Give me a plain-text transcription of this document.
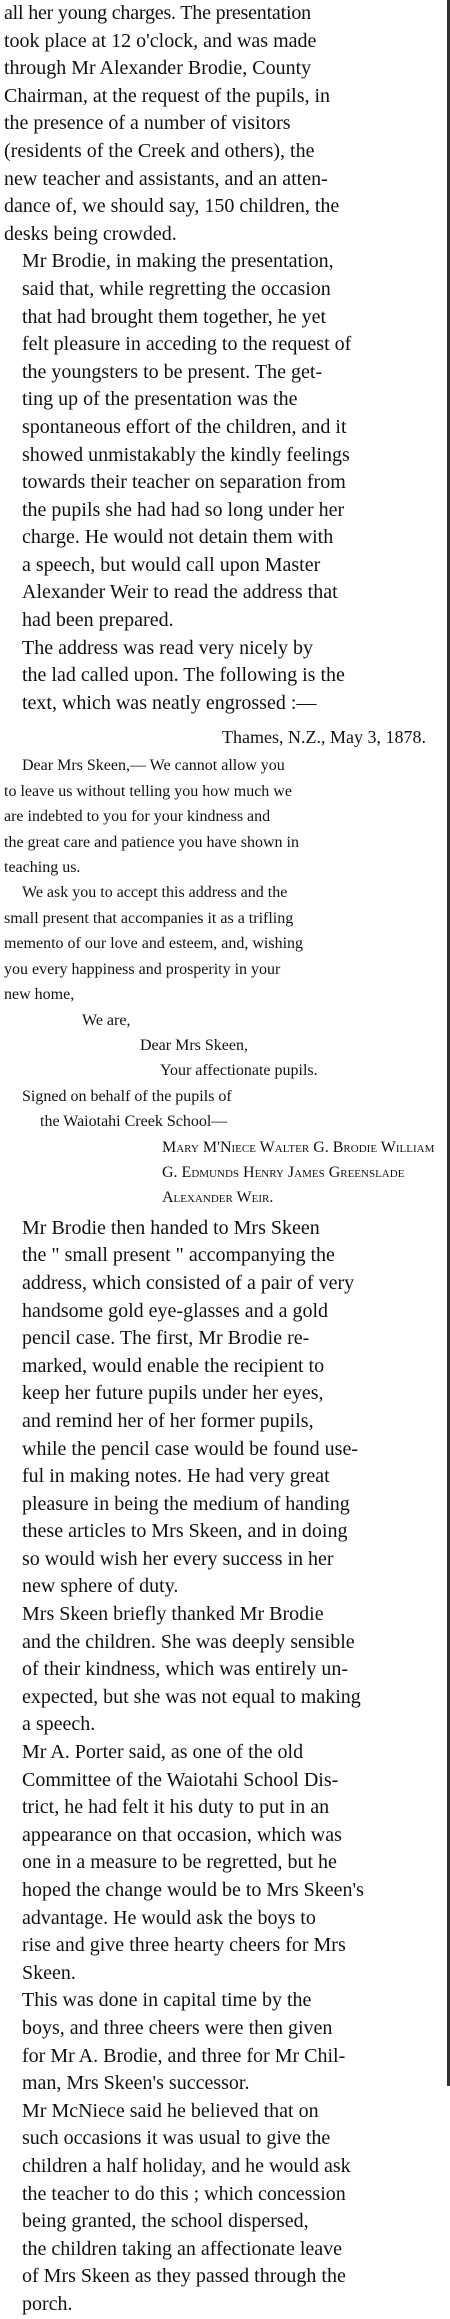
all her young charges. The presentation
took place at 12 o'clock, and was made
through Mr Alexander Brodie, County
Chairman, at the request of the pupils, in
the presence of a number of visitors
(residents of the Creek and others), the
new teacher and assistants, and an atten-
dance of, we should say, 150 children, the
desks being crowded.

Mr Brodie, in making the presentation,
said that, while regretting the occasion
that had brought them together, he yet
felt pleasure in acceding to the request of
the youngsters to be present. The get-
ting up of the presentation was the
spontaneous effort of the children, and it
showed unmistakably the kindly feelings
towards their teacher on separation from
the pupils she had had so long under her
charge. He would not detain them with
a speech, but would call upon Master
Alexander Weir to read the address that
had been prepared.

The address was read very nicely by
the lad called upon. The following is the
text, which was neatly engrossed :—

Thames, N.Z., May 3, 1878.

Dear Mrs Skeen,— We cannot allow you
to leave us without telling you how much we
are indebted to you for your kindness and
the great care and patience you have shown in
teaching us.

We ask you to accept this address and the
small present that accompanies it as a trifling
memento of our love and esteem, and, wishing
you every happiness and prosperity in your
new home,

We are,
Dear Mrs Skeen,
Your affectionate pupils.
Signed on behalf of the pupils of
the Waiotahi Creek School—

Mary M'Niece Walter G. Brodie William G. Edmunds Henry James Greenslade Alexander Weir.

Mr Brodie then handed to Mrs Skeen
the " small present " accompanying the
address, which consisted of a pair of very
handsome gold eye-glasses and a gold
pencil case. The first, Mr Brodie re-
marked, would enable the recipient to
keep her future pupils under her eyes,
and remind her of her former pupils,
while the pencil case would be found use-
ful in making notes. He had very great
pleasure in being the medium of handing
these articles to Mrs Skeen, and in doing
so would wish her every success in her
new sphere of duty.

Mrs Skeen briefly thanked Mr Brodie
and the children. She was deeply sensible
of their kindness, which was entirely un-
expected, but she was not equal to making
a speech.

Mr A. Porter said, as one of the old
Committee of the Waiotahi School Dis-
trict, he had felt it his duty to put in an
appearance on that occasion, which was
one in a measure to be regretted, but he
hoped the change would be to Mrs Skeen's
advantage. He would ask the boys to
rise and give three hearty cheers for Mrs
Skeen.

This was done in capital time by the
boys, and three cheers were then given
for Mr A. Brodie, and three for Mr Chil-
man, Mrs Skeen's successor.

Mr McNiece said he believed that on
such occasions it was usual to give the
children a half holiday, and he would ask
the teacher to do this ; which concession
being granted, the school dispersed,
the children taking an affectionate leave
of Mrs Skeen as they passed through the
porch.
